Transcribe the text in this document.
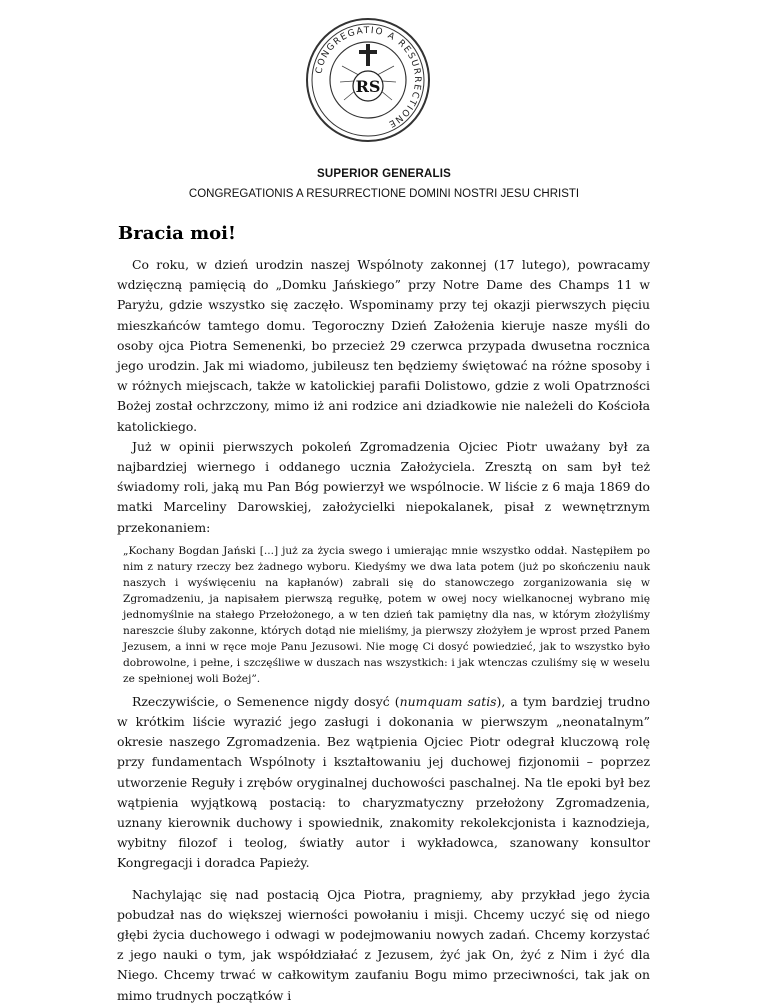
CONGREGATIO A RESURRECTIONE
RS
SUPERIOR GENERALIS
CONGREGATIONIS A RESURRECTIONE DOMINI NOSTRI JESU CHRISTI
Bracia moi!

Co roku, w dzień urodzin naszej Wspólnoty zakonnej (17 lutego), powracamy wdzięczną pamięcią do „Domku Jańskiego” przy Notre Dame des Champs 11 w Paryżu, gdzie wszystko się zaczęło. Wspominamy przy tej okazji pierwszych pięciu mieszkańców tamtego domu. Tegoroczny Dzień Założenia kieruje nasze myśli do osoby ojca Piotra Semenenki, bo przecież 29 czerwca przypada dwusetna rocznica jego urodzin. Jak mi wiadomo, jubileusz ten będziemy świętować na różne sposoby i w różnych miejscach, także w katolickiej parafii Dolistowo, gdzie z woli Opatrzności Bożej został ochrzczony, mimo iż ani rodzice ani dziadkowie nie należeli do Kościoła katolickiego.

Już w opinii pierwszych pokoleń Zgromadzenia Ojciec Piotr uważany był za najbardziej wiernego i oddanego ucznia Założyciela. Zresztą on sam był też świadomy roli, jaką mu Pan Bóg powierzył we wspólnocie. W liście z 6 maja 1869 do matki Marceliny Darowskiej, założycielki niepokalanek, pisał z wewnętrznym przekonaniem:

„Kochany Bogdan Jański [...] już za życia swego i umierając mnie wszystko oddał. Następiłem po nim z natury rzeczy bez żadnego wyboru. Kiedyśmy we dwa lata potem (już po skończeniu nauk naszych i wyświęceniu na kapłanów) zabrali się do stanowczego zorganizowania się w Zgromadzeniu, ja napisałem pierwszą regułkę, potem w owej nocy wielkanocnej wybrano mię jednomyślnie na stałego Przełożonego, a w ten dzień tak pamiętny dla nas, w którym złożyliśmy nareszcie śluby zakonne, których dotąd nie mieliśmy, ja pierwszy złożyłem je wprost przed Panem Jezusem, a inni w ręce moje Panu Jezusowi. Nie mogę Ci dosyć powiedzieć, jak to wszystko było dobrowolne, i pełne, i szczęśliwe w duszach nas wszystkich: i jak wtenczas czuliśmy się w weselu ze spełnionej woli Bożej”.

Rzeczywiście, o Semenence nigdy dosyć (numquam satis), a tym bardziej trudno w krótkim liście wyrazić jego zasługi i dokonania w pierwszym „neonatalnym” okresie naszego Zgromadzenia. Bez wątpienia Ojciec Piotr odegrał kluczową rolę przy fundamentach Wspólnoty i kształtowaniu jej duchowej fizjonomii – poprzez utworzenie Reguły i zrębów oryginalnej duchowości paschalnej. Na tle epoki był bez wątpienia wyjątkową postacią: to charyzmatyczny przełożony Zgromadzenia, uznany kierownik duchowy i spowiednik, znakomity rekolekcjonista i kaznodzieja, wybitny filozof i teolog, światły autor i wykładowca, szanowany konsultor Kongregacji i doradca Papieży.

Nachylając się nad postacią Ojca Piotra, pragniemy, aby przykład jego życia pobudzał nas do większej wierności powołaniu i misji. Chcemy uczyć się od niego głębi życia duchowego i odwagi w podejmowaniu nowych zadań. Chcemy korzystać z jego nauki o tym, jak współdziałać z Jezusem, żyć jak On, żyć z Nim i żyć dla Niego. Chcemy trwać w całkowitym zaufaniu Bogu mimo przeciwności, tak jak on mimo trudnych początków i
